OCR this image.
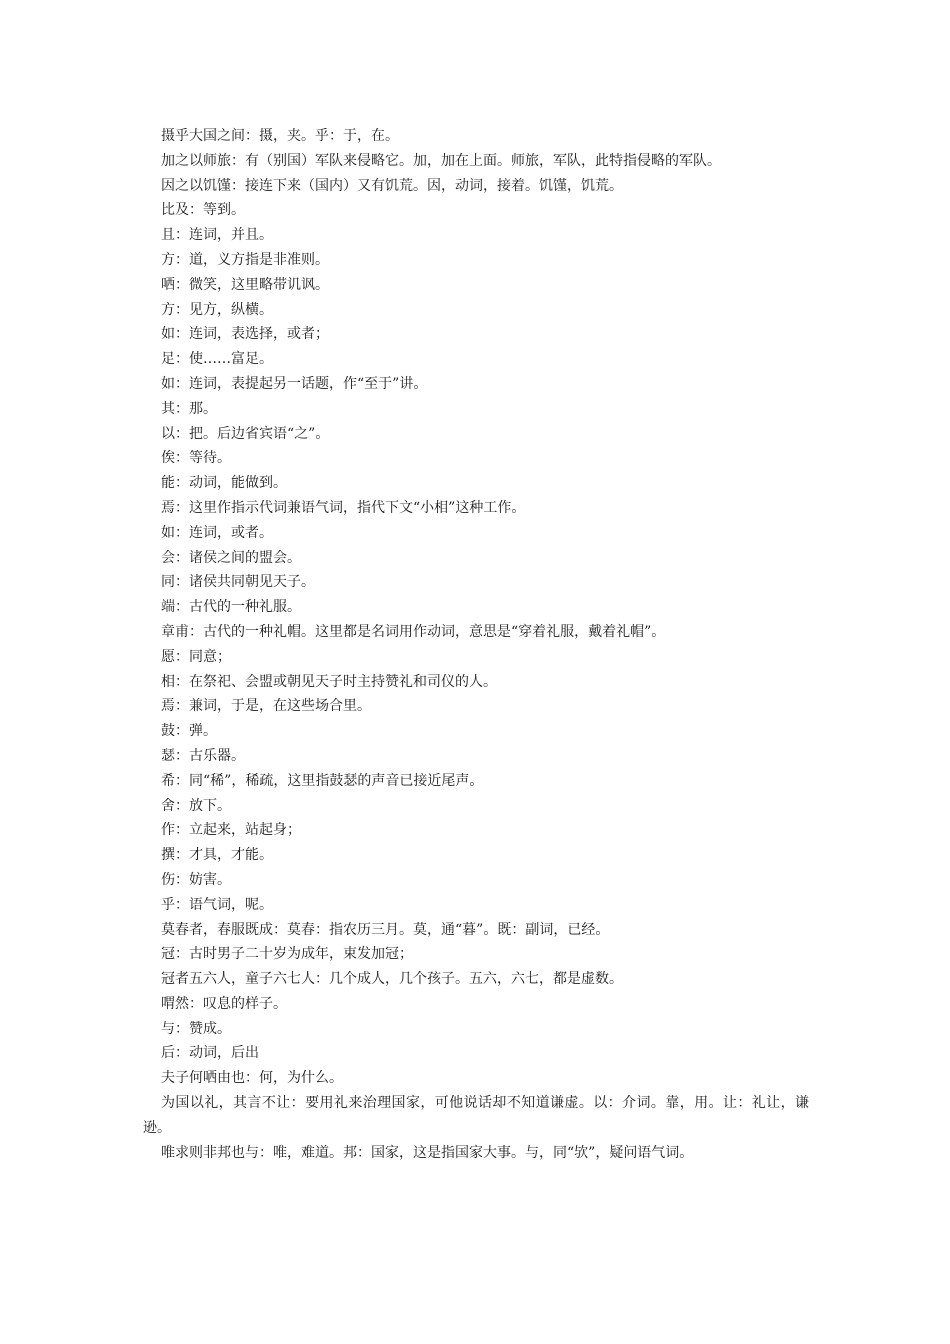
摄乎大国之间：摄，夹。乎：于，在。
加之以师旅：有（别国）军队来侵略它。加，加在上面。师旅，军队，此特指侵略的军队。
因之以饥馑：接连下来（国内）又有饥荒。因，动词，接着。饥馑，饥荒。
比及：等到。
且：连词，并且。
方：道，义方指是非准则。
哂：微笑，这里略带讥讽。
方：见方，纵横。
如：连词，表选择，或者；
足：使……富足。
如：连词，表提起另一话题，作“至于”讲。
其：那。
以：把。后边省宾语“之”。
俟：等待。
能：动词，能做到。
焉：这里作指示代词兼语气词，指代下文“小相”这种工作。
如：连词，或者。
会：诸侯之间的盟会。
同：诸侯共同朝见天子。
端：古代的一种礼服。
章甫：古代的一种礼帽。这里都是名词用作动词，意思是“穿着礼服，戴着礼帽”。
愿：同意；
相：在祭祀、会盟或朝见天子时主持赞礼和司仪的人。
焉：兼词，于是，在这些场合里。
鼓：弹。
瑟：古乐器。
希：同“稀”，稀疏，这里指鼓瑟的声音已接近尾声。
舍：放下。
作：立起来，站起身；
撰：才具，才能。
伤：妨害。
乎：语气词，呢。
莫春者，春服既成：莫春：指农历三月。莫，通“暮”。既：副词，已经。
冠：古时男子二十岁为成年，束发加冠；
冠者五六人，童子六七人：几个成人，几个孩子。五六，六七，都是虚数。
喟然：叹息的样子。
与：赞成。
后：动词，后出
夫子何哂由也：何，为什么。
为国以礼，其言不让：要用礼来治理国家，可他说话却不知道谦虚。以：介词。靠，用。让：礼让，谦逊。
唯求则非邦也与：唯，难道。邦：国家，这是指国家大事。与，同“欤”，疑问语气词。
